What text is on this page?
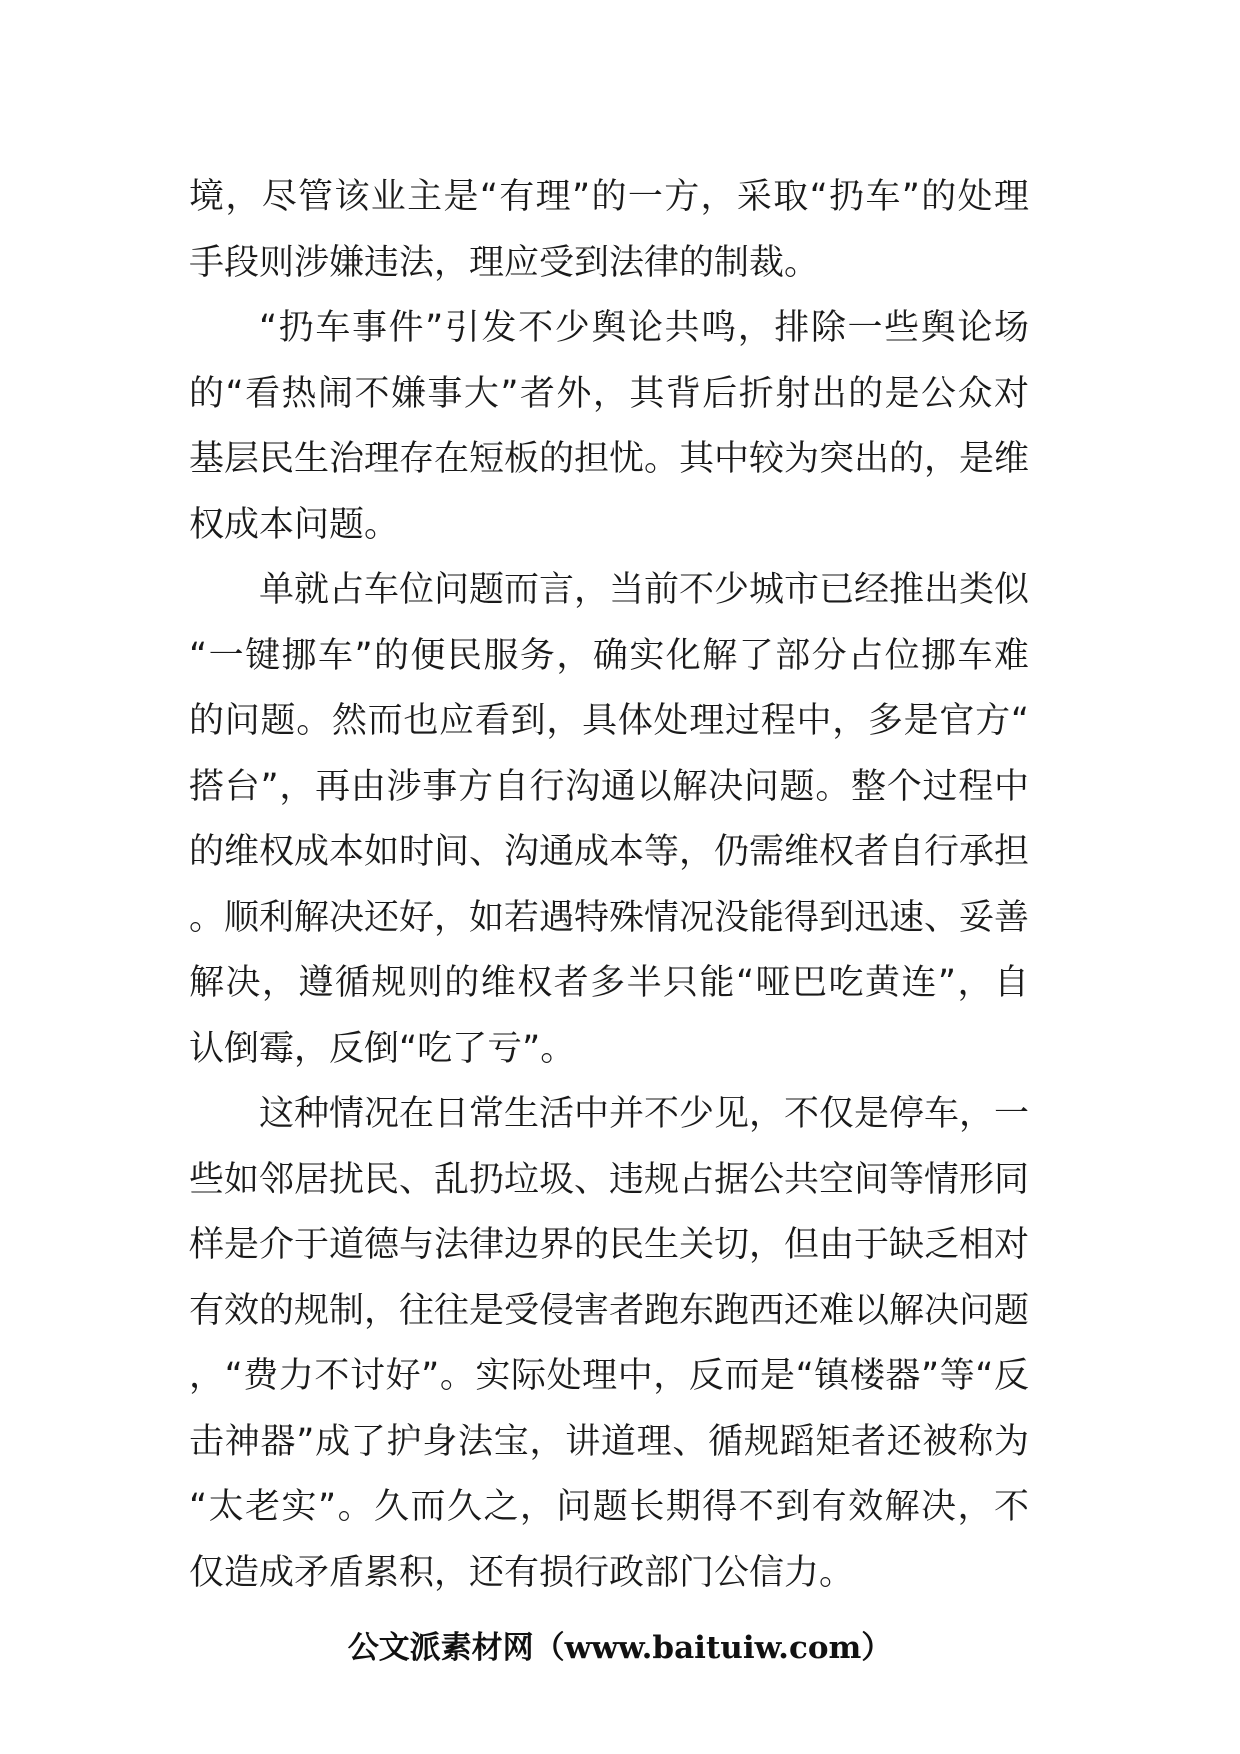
境，尽管该业主是“有理”的一方，采取“扔车”的处理手段则涉嫌违法，理应受到法律的制裁。

“扔车事件”引发不少舆论共鸣，排除一些舆论场的“看热闹不嫌事大”者外，其背后折射出的是公众对基层民生治理存在短板的担忧。其中较为突出的，是维权成本问题。

单就占车位问题而言，当前不少城市已经推出类似“一键挪车”的便民服务，确实化解了部分占位挪车难的问题。然而也应看到，具体处理过程中，多是官方“搭台”，再由涉事方自行沟通以解决问题。整个过程中的维权成本如时间、沟通成本等，仍需维权者自行承担。顺利解决还好，如若遇特殊情况没能得到迅速、妥善解决，遵循规则的维权者多半只能“哑巴吃黄连”，自认倒霉，反倒“吃了亏”。

这种情况在日常生活中并不少见，不仅是停车，一些如邻居扰民、乱扔垃圾、违规占据公共空间等情形同样是介于道德与法律边界的民生关切，但由于缺乏相对有效的规制，往往是受侵害者跑东跑西还难以解决问题，“费力不讨好”。实际处理中，反而是“镇楼器”等“反击神器”成了护身法宝，讲道理、循规蹈矩者还被称为“太老实”。久而久之，问题长期得不到有效解决，不仅造成矛盾累积，还有损行政部门公信力。

公文派素材网（www.baituiw.com）
